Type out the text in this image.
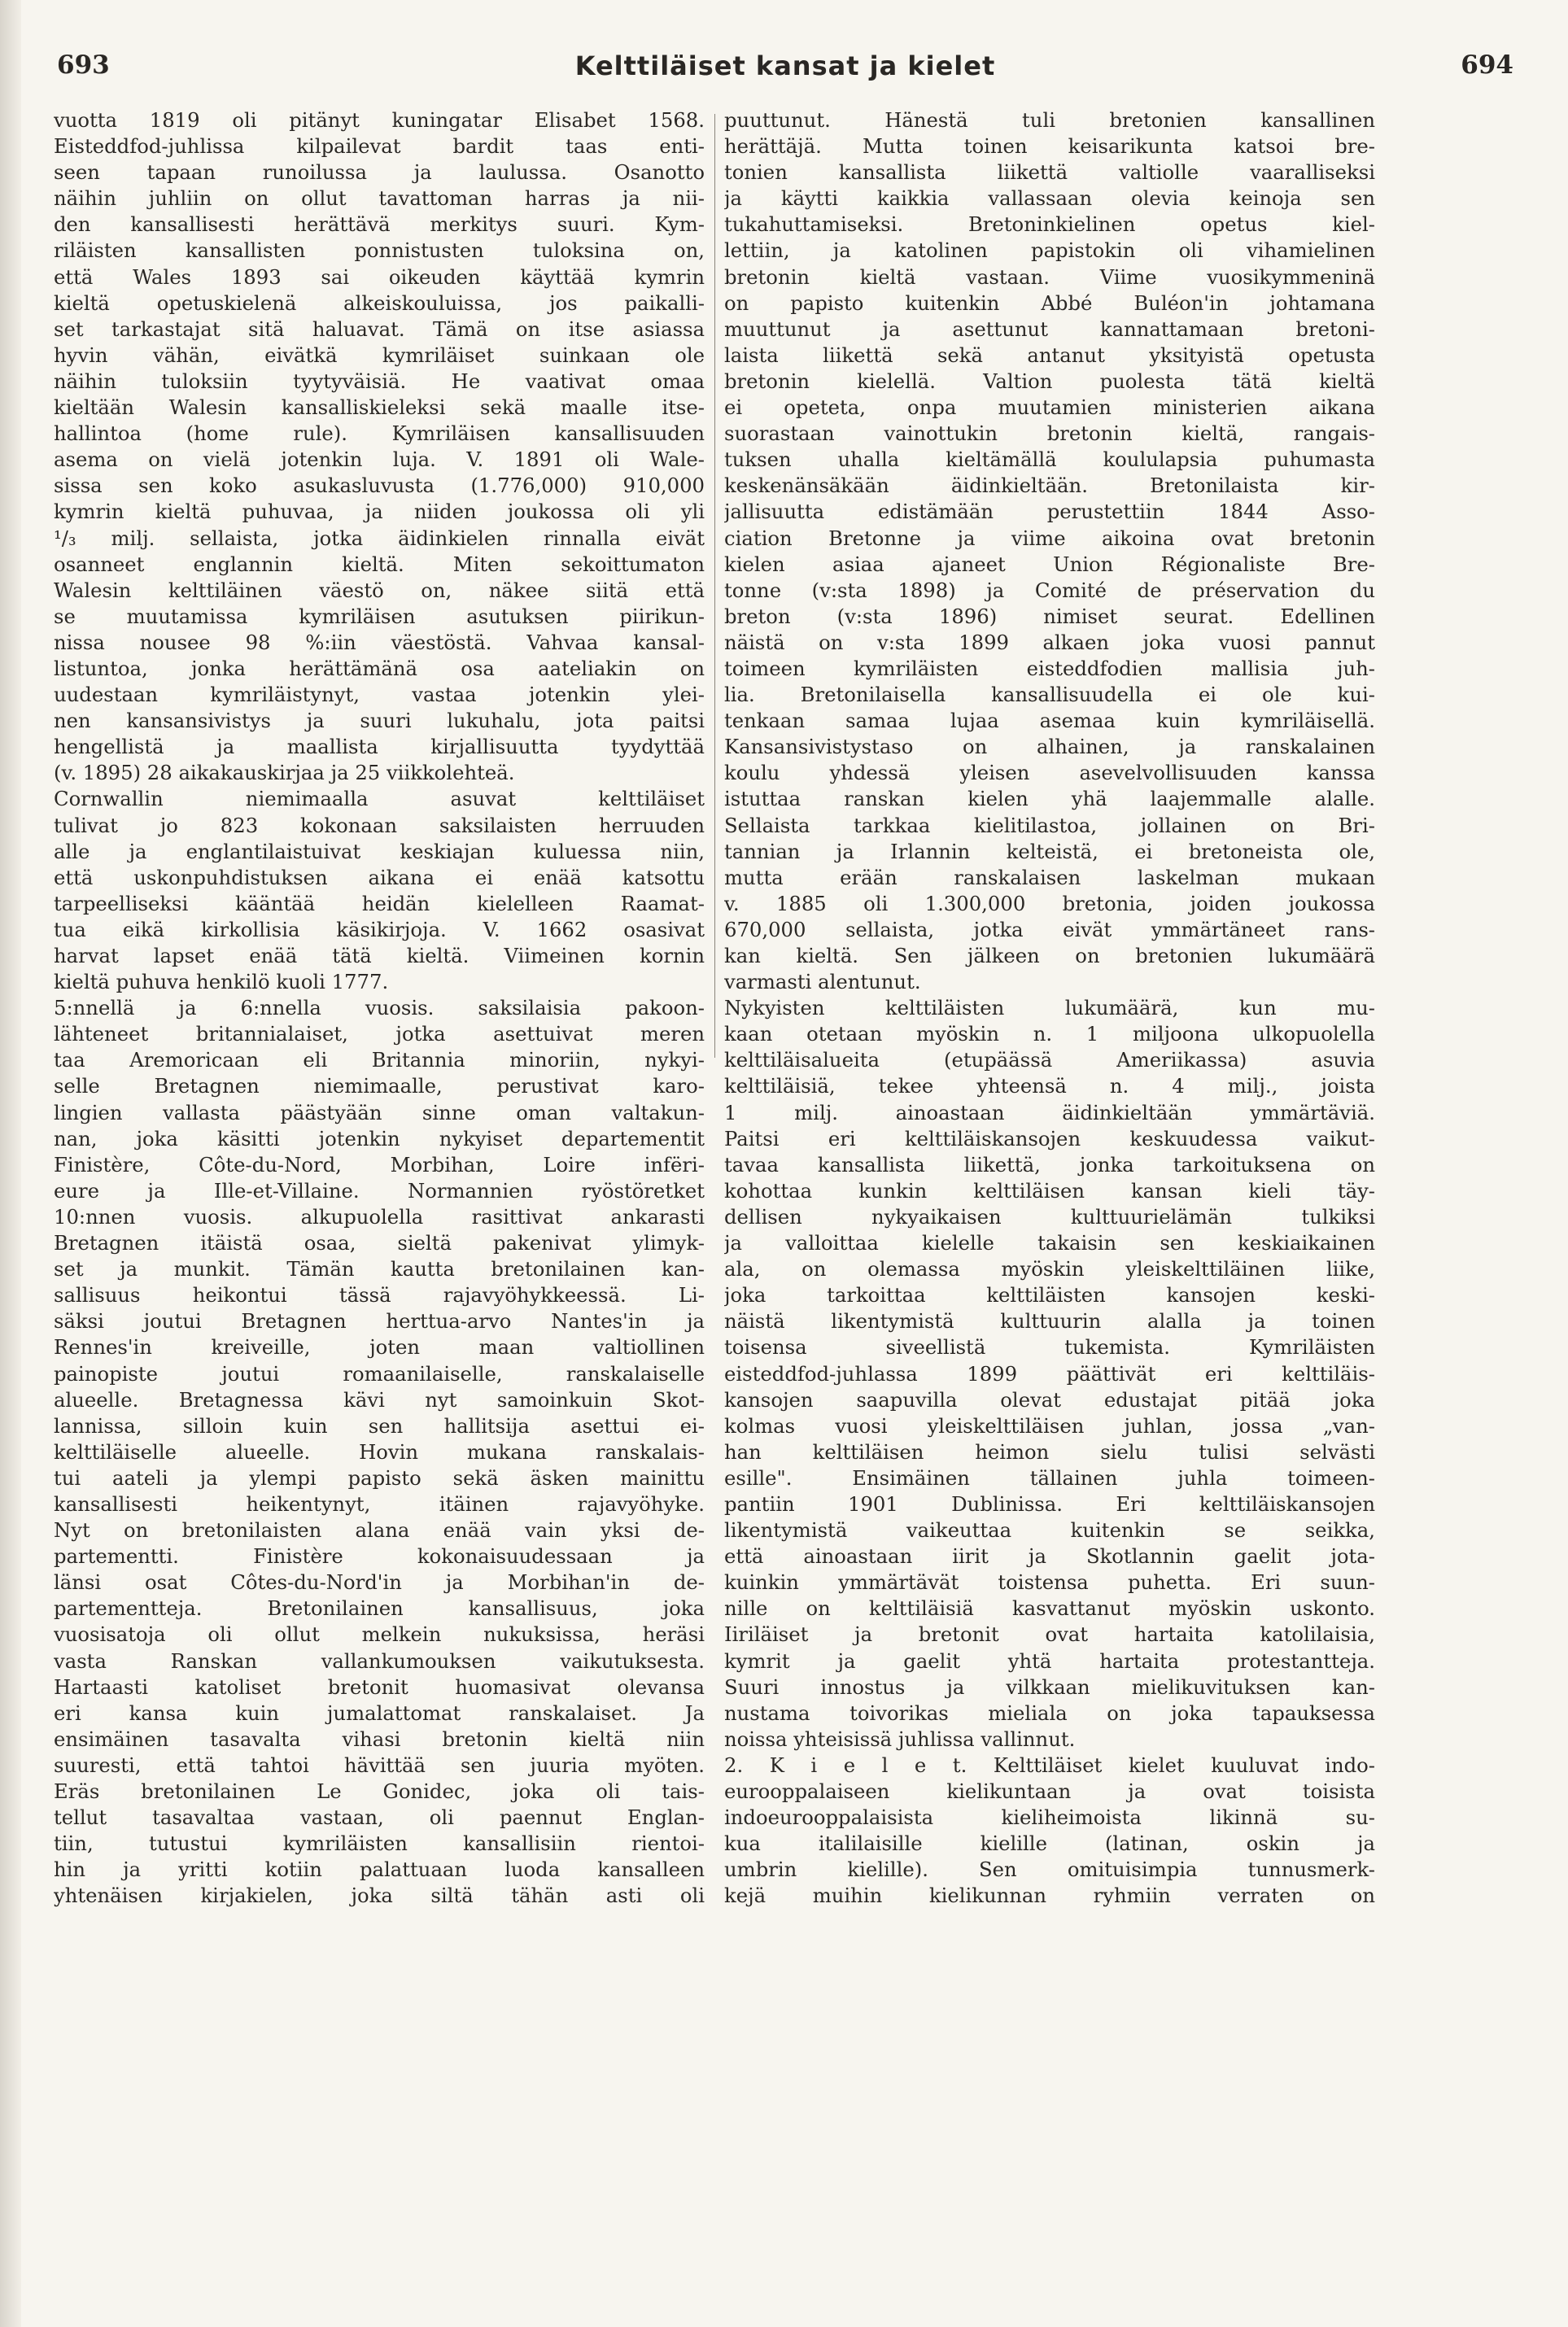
693	Kelttiläiset kansat ja kielet	694
vuotta 1819 oli pitänyt kuningatar Elisabet 1568.
Eisteddfod-juhlissa kilpailevat bardit taas enti-
seen tapaan runoilussa ja laulussa. Osanotto
näihin juhliin on ollut tavattoman harras ja nii-
den kansallisesti herättävä merkitys suuri. Kym-
riläisten kansallisten ponnistusten tuloksina on,
että Wales 1893 sai oikeuden käyttää kymrin
kieltä opetuskielenä alkeiskouluissa, jos paikalli-
set tarkastajat sitä haluavat. Tämä on itse asiassa
hyvin vähän, eivätkä kymriläiset suinkaan ole
näihin tuloksiin tyytyväisiä. He vaativat omaa
kieltään Walesin kansalliskieleksi sekä maalle itse-
hallintoa (home rule). Kymriläisen kansallisuuden
asema on vielä jotenkin luja. V. 1891 oli Wale-
sissa sen koko asukasluvusta (1.776,000) 910,000
kymrin kieltä puhuvaa, ja niiden joukossa oli yli
¹/₃ milj. sellaista, jotka äidinkielen rinnalla eivät
osanneet englannin kieltä. Miten sekoittumaton
Walesin kelttiläinen väestö on, näkee siitä että
se muutamissa kymriläisen asutuksen piirikun-
nissa nousee 98 %:iin väestöstä. Vahvaa kansal-
listuntoa, jonka herättämänä osa aateliakin on
uudestaan kymriläistynyt, vastaa jotenkin ylei-
nen kansansivistys ja suuri lukuhalu, jota paitsi
hengellistä ja maallista kirjallisuutta tyydyttää
(v. 1895) 28 aikakauskirjaa ja 25 viikkolehteä.
Cornwallin niemimaalla asuvat kelttiläiset
tulivat jo 823 kokonaan saksilaisten herruuden
alle ja englantilaistuivat keskiajan kuluessa niin,
että uskonpuhdistuksen aikana ei enää katsottu
tarpeelliseksi kääntää heidän kielelleen Raamat-
tua eikä kirkollisia käsikirjoja. V. 1662 osasivat
harvat lapset enää tätä kieltä. Viimeinen kornin
kieltä puhuva henkilö kuoli 1777.
5:nnellä ja 6:nnella vuosis. saksilaisia pakoon-
lähteneet britannialaiset, jotka asettuivat meren
taa Aremoricaan eli Britannia minoriin, nykyi-
selle Bretagnen niemimaalle, perustivat karo-
lingien vallasta päästyään sinne oman valtakun-
nan, joka käsitti jotenkin nykyiset departementit
Finistère, Côte-du-Nord, Morbihan, Loire infëri-
eure ja Ille-et-Villaine. Normannien ryöstöretket
10:nnen vuosis. alkupuolella rasittivat ankarasti
Bretagnen itäistä osaa, sieltä pakenivat ylimyk-
set ja munkit. Tämän kautta bretonilainen kan-
sallisuus heikontui tässä rajavyöhykkeessä. Li-
säksi joutui Bretagnen herttua-arvo Nantes'in ja
Rennes'in kreiveille, joten maan valtiollinen
painopiste joutui romaanilaiselle, ranskalaiselle
alueelle. Bretagnessa kävi nyt samoinkuin Skot-
lannissa, silloin kuin sen hallitsija asettui ei-
kelttiläiselle alueelle. Hovin mukana ranskalais-
tui aateli ja ylempi papisto sekä äsken mainittu
kansallisesti heikentynyt, itäinen rajavyöhyke.
Nyt on bretonilaisten alana enää vain yksi de-
partementti. Finistère kokonaisuudessaan ja
länsi osat Côtes-du-Nord'in ja Morbihan'in de-
partementteja. Bretonilainen kansallisuus, joka
vuosisatoja oli ollut melkein nukuksissa, heräsi
vasta Ranskan vallankumouksen vaikutuksesta.
Hartaasti katoliset bretonit huomasivat olevansa
eri kansa kuin jumalattomat ranskalaiset. Ja
ensimäinen tasavalta vihasi bretonin kieltä niin
suuresti, että tahtoi hävittää sen juuria myöten.
Eräs bretonilainen Le Gonidec, joka oli tais-
tellut tasavaltaa vastaan, oli paennut Englan-
tiin, tutustui kymriläisten kansallisiin rientoi-
hin ja yritti kotiin palattuaan luoda kansalleen
yhtenäisen kirjakielen, joka siltä tähän asti oli
puuttunut. Hänestä tuli bretonien kansallinen
herättäjä. Mutta toinen keisarikunta katsoi bre-
tonien kansallista liikettä valtiolle vaaralliseksi
ja käytti kaikkia vallassaan olevia keinoja sen
tukahuttamiseksi. Bretoninkielinen opetus kiel-
lettiin, ja katolinen papistokin oli vihamielinen
bretonin kieltä vastaan. Viime vuosikymmeninä
on papisto kuitenkin Abbé Buléon'in johtamana
muuttunut ja asettunut kannattamaan bretoni-
laista liikettä sekä antanut yksityistä opetusta
bretonin kielellä. Valtion puolesta tätä kieltä
ei opeteta, onpa muutamien ministerien aikana
suorastaan vainottukin bretonin kieltä, rangais-
tuksen uhalla kieltämällä koululapsia puhumasta
keskenänsäkään äidinkieltään. Bretonilaista kir-
jallisuutta edistämään perustettiin 1844 Asso-
ciation Bretonne ja viime aikoina ovat bretonin
kielen asiaa ajaneet Union Régionaliste Bre-
tonne (v:sta 1898) ja Comité de préservation du
breton (v:sta 1896) nimiset seurat. Edellinen
näistä on v:sta 1899 alkaen joka vuosi pannut
toimeen kymriläisten eisteddfodien mallisia juh-
lia. Bretonilaisella kansallisuudella ei ole kui-
tenkaan samaa lujaa asemaa kuin kymriläisellä.
Kansansivistystaso on alhainen, ja ranskalainen
koulu yhdessä yleisen asevelvollisuuden kanssa
istuttaa ranskan kielen yhä laajemmalle alalle.
Sellaista tarkkaa kielitilastoa, jollainen on Bri-
tannian ja Irlannin kelteistä, ei bretoneista ole,
mutta erään ranskalaisen laskelman mukaan
v. 1885 oli 1.300,000 bretonia, joiden joukossa
670,000 sellaista, jotka eivät ymmärtäneet rans-
kan kieltä. Sen jälkeen on bretonien lukumäärä
varmasti alentunut.
Nykyisten kelttiläisten lukumäärä, kun mu-
kaan otetaan myöskin n. 1 miljoona ulkopuolella
kelttiläisalueita (etupäässä Ameriikassa) asuvia
kelttiläisiä, tekee yhteensä n. 4 milj., joista
1 milj. ainoastaan äidinkieltään ymmärtäviä.
Paitsi eri kelttiläiskansojen keskuudessa vaikut-
tavaa kansallista liikettä, jonka tarkoituksena on
kohottaa kunkin kelttiläisen kansan kieli täy-
dellisen nykyaikaisen kulttuurielämän tulkiksi
ja valloittaa kielelle takaisin sen keskiaikainen
ala, on olemassa myöskin yleiskelttiläinen liike,
joka tarkoittaa kelttiläisten kansojen keski-
näistä likentymistä kulttuurin alalla ja toinen
toisensa siveellistä tukemista. Kymriläisten
eisteddfod-juhlassa 1899 päättivät eri kelttiläis-
kansojen saapuvilla olevat edustajat pitää joka
kolmas vuosi yleiskelttiläisen juhlan, jossa „van-
han kelttiläisen heimon sielu tulisi selvästi
esille". Ensimäinen tällainen juhla toimeen-
pantiin 1901 Dublinissa. Eri kelttiläiskansojen
likentymistä vaikeuttaa kuitenkin se seikka,
että ainoastaan iirit ja Skotlannin gaelit jota-
kuinkin ymmärtävät toistensa puhetta. Eri suun-
nille on kelttiläisiä kasvattanut myöskin uskonto.
Iiriläiset ja bretonit ovat hartaita katolilaisia,
kymrit ja gaelit yhtä hartaita protestantteja.
Suuri innostus ja vilkkaan mielikuvituksen kan-
nustama toivorikas mieliala on joka tapauksessa
noissa yhteisissä juhlissa vallinnut.
2. K i e l e t. Kelttiläiset kielet kuuluvat indo-
eurooppalaiseen kielikuntaan ja ovat toisista
indoeurooppalaisista kieliheimoista likinnä su-
kua italilaisille kielille (latinan, oskin ja
umbrin kielille). Sen omituisimpia tunnusmerk-
kejä muihin kielikunnan ryhmiin verraten on
